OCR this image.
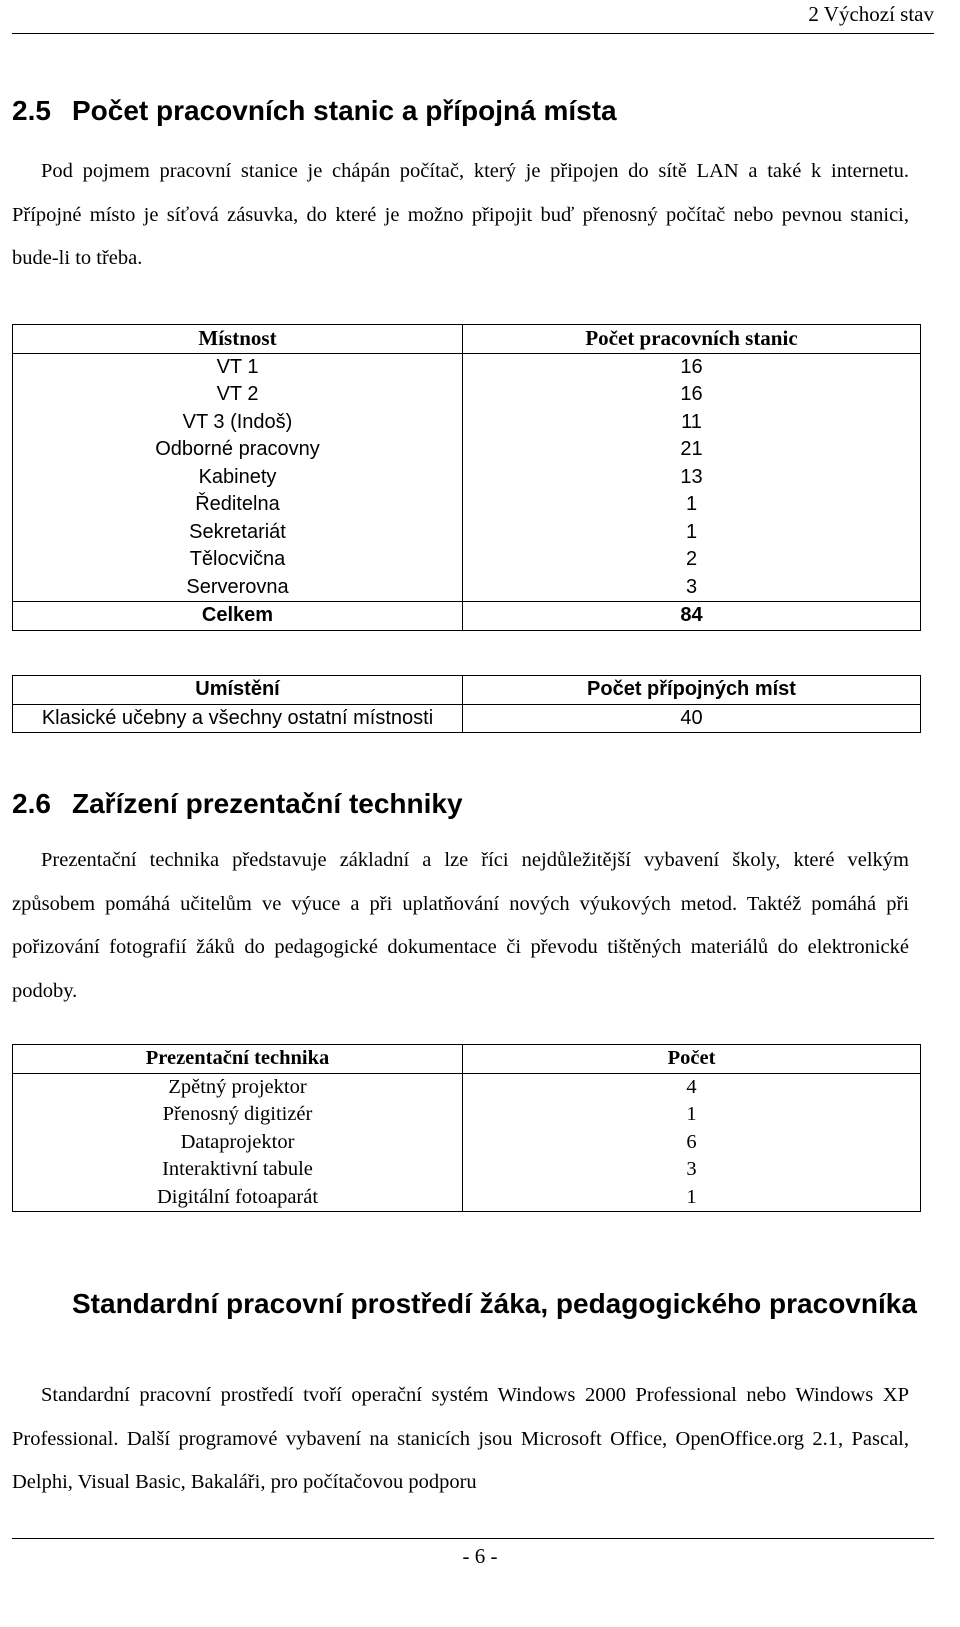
2 Výchozí stav
2.5 Počet pracovních stanic a přípojná místa

Pod pojmem pracovní stanice je chápán počítač, který je připojen do sítě LAN a také k internetu. Přípojné místo je síťová zásuvka, do které je možno připojit buď přenosný počítač nebo pevnou stanici, bude-li to třeba.

Místnost	Počet pracovních stanic
VT 1	16
VT 2	16
VT 3 (Indoš)	11
Odborné pracovny	21
Kabinety	13
Ředitelna	1
Sekretariát	1
Tělocvična	2
Serverovna	3
Celkem	84
Umístění	Počet přípojných míst
Klasické učebny a všechny ostatní místnosti	40
2.6 Zařízení prezentační techniky

Prezentační technika představuje základní a lze říci nejdůležitější vybavení školy, které velkým způsobem pomáhá učitelům ve výuce a při uplatňování nových výukových metod. Taktéž pomáhá při pořizování fotografií žáků do pedagogické dokumentace či převodu tištěných materiálů do elektronické podoby.

Prezentační technika	Počet
Zpětný projektor	4
Přenosný digitizér	1
Dataprojektor	6
Interaktivní tabule	3
Digitální fotoaparát	1
Standardní pracovní prostředí žáka, pedagogického pracovníka

Standardní pracovní prostředí tvoří operační systém Windows 2000 Professional nebo Windows XP Professional. Další programové vybavení na stanicích jsou Microsoft Office, OpenOffice.org 2.1, Pascal, Delphi, Visual Basic, Bakaláři, pro počítačovou podporu

- 6 -
